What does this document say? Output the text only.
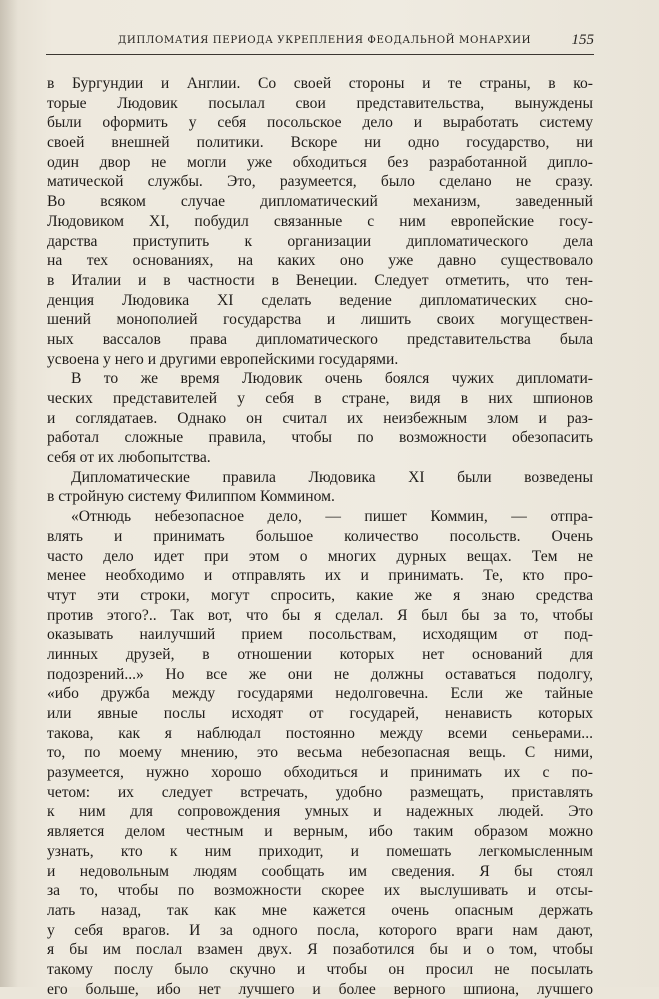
ДИПЛОМАТИЯ ПЕРИОДА УКРЕПЛЕНИЯ ФЕОДАЛЬНОЙ МОНАРХИИ	155
в Бургундии и Англии. Со своей стороны и те страны, в ко-
торые Людовик посылал свои представительства, вынуждены
были оформить у себя посольское дело и выработать систему
своей внешней политики. Вскоре ни одно государство, ни
один двор не могли уже обходиться без разработанной дипло-
матической службы. Это, разумеется, было сделано не сразу.
Во всяком случае дипломатический механизм, заведенный
Людовиком XI, побудил связанные с ним европейские госу-
дарства приступить к организации дипломатического дела
на тех основаниях, на каких оно уже давно существовало
в Италии и в частности в Венеции. Следует отметить, что тен-
денция Людовика XI сделать ведение дипломатических сно-
шений монополией государства и лишить своих могуществен-
ных вассалов права дипломатического представительства была
усвоена у него и другими европейскими государями.
В то же время Людовик очень боялся чужих дипломати-
ческих представителей у себя в стране, видя в них шпионов
и соглядатаев. Однако он считал их неизбежным злом и раз-
работал сложные правила, чтобы по возможности обезопасить
себя от их любопытства.
Дипломатические правила Людовика XI были возведены
в стройную систему Филиппом Коммином.
«Отнюдь небезопасное дело, — пишет Коммин, — отпра-
влять и принимать большое количество посольств. Очень
часто дело идет при этом о многих дурных вещах. Тем не
менее необходимо и отправлять их и принимать. Те, кто про-
чтут эти строки, могут спросить, какие же я знаю средства
против этого?.. Так вот, что бы я сделал. Я был бы за то, чтобы
оказывать наилучший прием посольствам, исходящим от под-
линных друзей, в отношении которых нет оснований для
подозрений...» Но все же они не должны оставаться подолгу,
«ибо дружба между государями недолговечна. Если же тайные
или явные послы исходят от государей, ненависть которых
такова, как я наблюдал постоянно между всеми сеньерами...
то, по моему мнению, это весьма небезопасная вещь. С ними,
разумеется, нужно хорошо обходиться и принимать их с по-
четом: их следует встречать, удобно размещать, приставлять
к ним для сопровождения умных и надежных людей. Это
является делом честным и верным, ибо таким образом можно
узнать, кто к ним приходит, и помешать легкомысленным
и недовольным людям сообщать им сведения. Я бы стоял
за то, чтобы по возможности скорее их выслушивать и отсы-
лать назад, так как мне кажется очень опасным держать
у себя врагов. И за одного посла, которого враги нам дают,
я бы им послал взамен двух. Я позаботился бы и о том, чтобы
такому послу было скучно и чтобы он просил не посылать
его больше, ибо нет лучшего и более верного шпиона, лучшего
